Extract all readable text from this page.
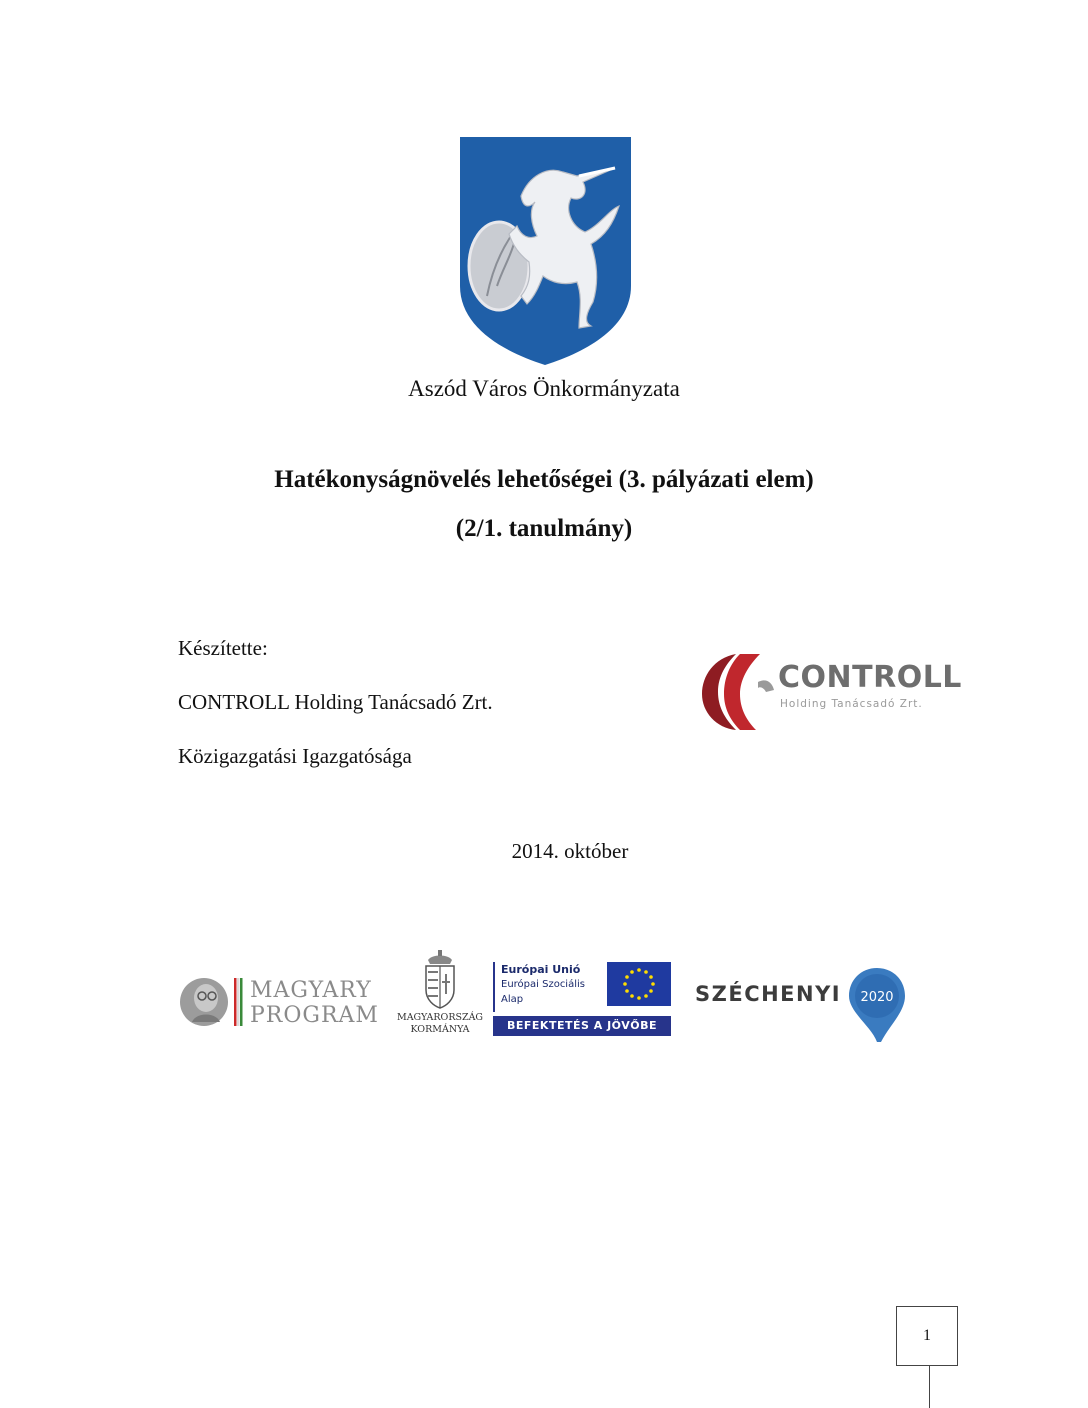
Aszód Város Önkormányzata
Hatékonyságnövelés lehetőségei (3. pályázati elem)
(2/1. tanulmány)
Készítette:
CONTROLL Holding Tanácsadó Zrt.
Közigazgatási Igazgatósága
CONTROLL
Holding Tanácsadó Zrt.
2014. október
MAGYARY
PROGRAM	MAGYARORSZÁG
KORMÁNYA
Európai Unió
Európai Szociális
Alap
BEFEKTETÉS A JÖVŐBE
SZÉCHENYI 2020
1
